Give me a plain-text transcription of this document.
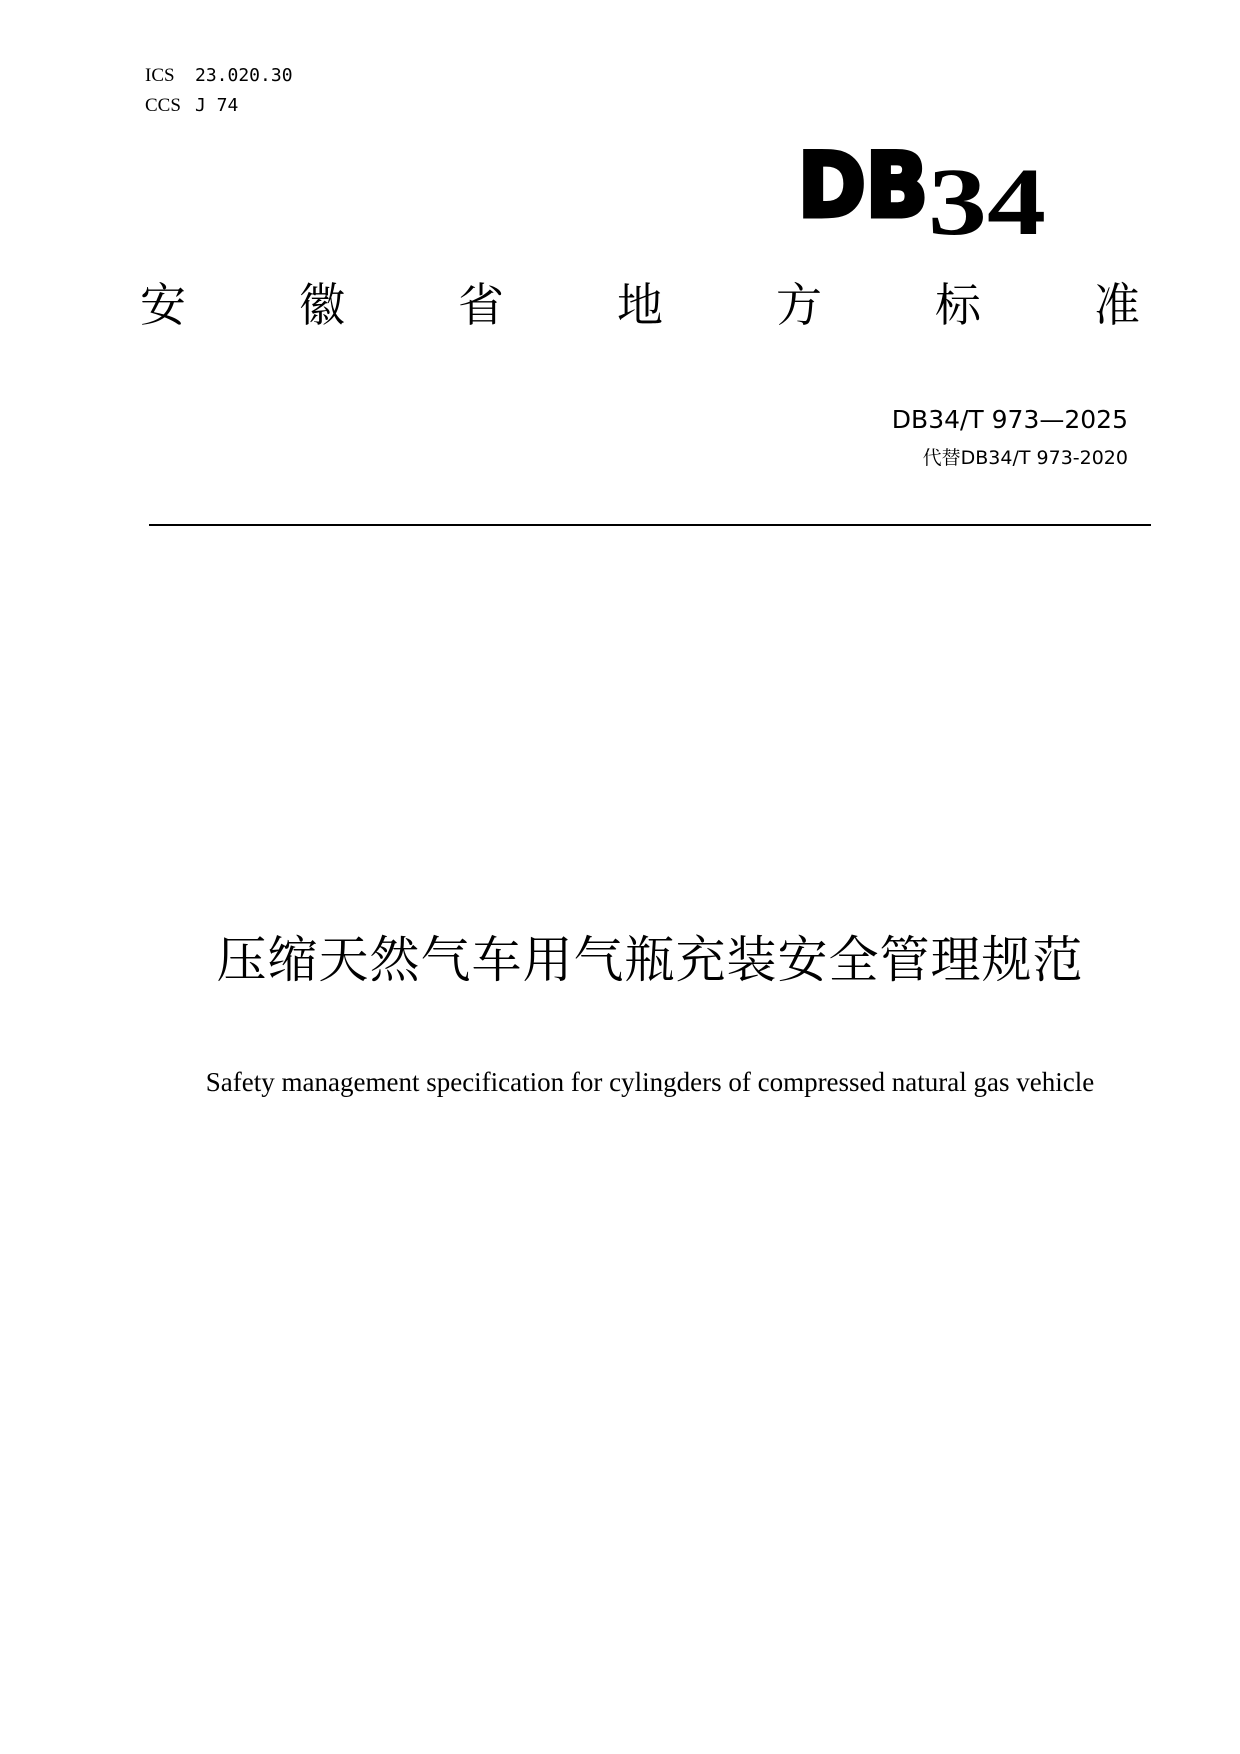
ICS 23.020.30
CCS J 74
DB 34
安 徽 省 地 方 标 准
DB34/T 973—2025
代替DB34/T 973-2020
压缩天然气车用气瓶充装安全管理规范
Safety management specification for cylingders of compressed natural gas vehicle
